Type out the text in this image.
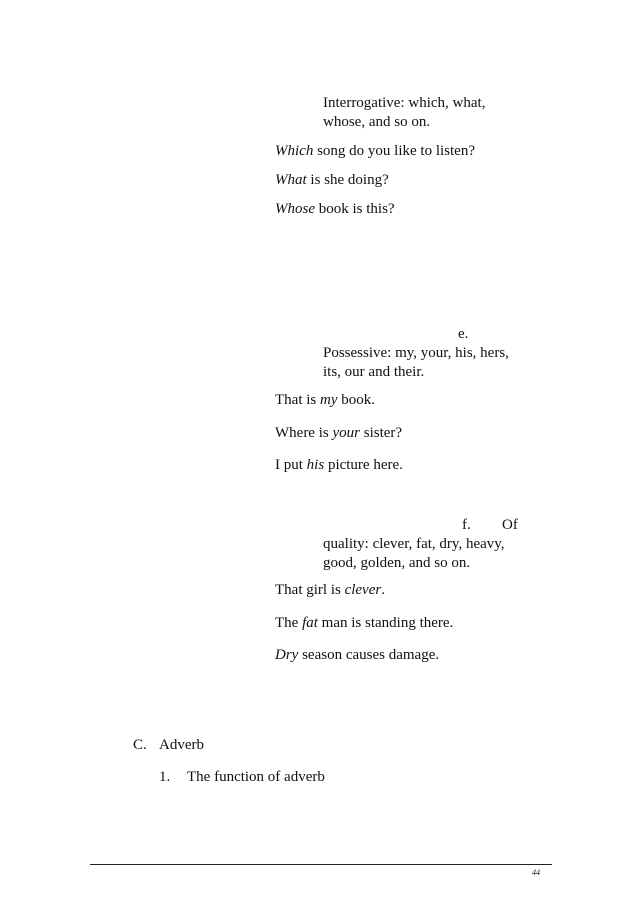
Interrogative: which, what,
whose, and so on.
Which song do you like to listen?
What is she doing?
Whose book is this?
e.
Possessive: my, your, his, hers,
its, our and their.
That is my book.
Where is your sister?
I put his picture here.
f. Of
quality: clever, fat, dry, heavy,
good, golden, and so on.
That girl is clever.
The fat man is standing there.
Dry season causes damage.
C. Adverb
1. The function of adverb
44
